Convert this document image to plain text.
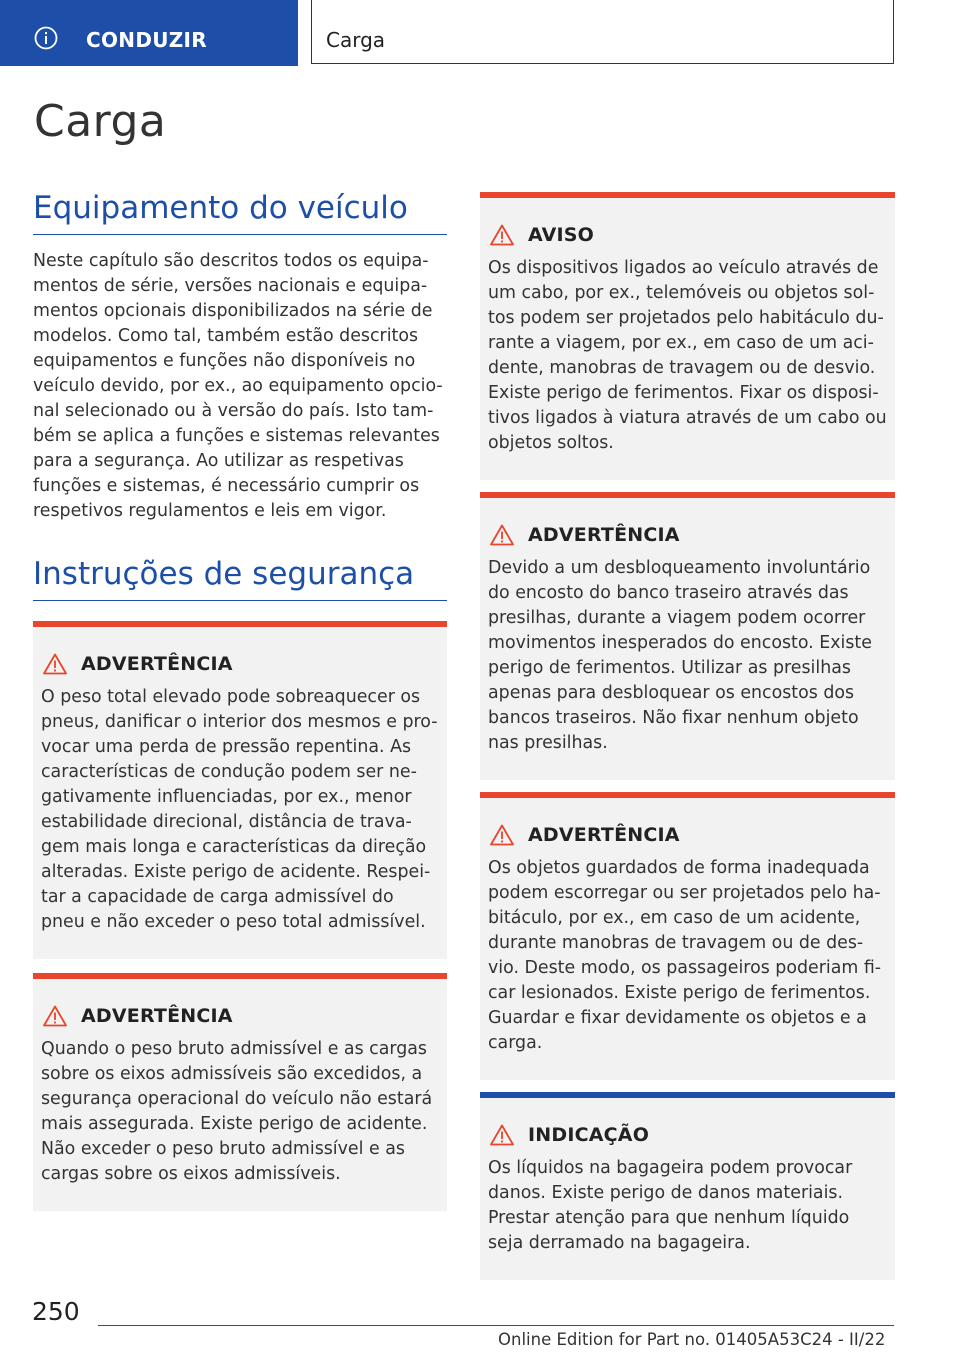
CONDUZIR	Carga
Carga
Equipamento do veículo

Neste capítulo são descritos todos os equipa-mentos de série, versões nacionais e equipa-mentos opcionais disponibilizados na série de modelos. Como tal, também estão descritos equipamentos e funções não disponíveis no veículo devido, por ex., ao equipamento opcio-nal selecionado ou à versão do país. Isto tam-bém se aplica a funções e sistemas relevantes para a segurança. Ao utilizar as respetivas funções e sistemas, é necessário cumprir os respetivos regulamentos e leis em vigor.

Instruções de segurança
ADVERTÊNCIA

O peso total elevado pode sobreaquecer os pneus, danificar o interior dos mesmos e pro-vocar uma perda de pressão repentina. As características de condução podem ser ne-gativamente influenciadas, por ex., menor estabilidade direcional, distância de trava-gem mais longa e características da direção alteradas. Existe perigo de acidente. Respei-tar a capacidade de carga admissível do pneu e não exceder o peso total admissível.

ADVERTÊNCIA

Quando o peso bruto admissível e as cargas sobre os eixos admissíveis são excedidos, a segurança operacional do veículo não estará mais assegurada. Existe perigo de acidente. Não exceder o peso bruto admissível e as cargas sobre os eixos admissíveis.

AVISO

Os dispositivos ligados ao veículo através de um cabo, por ex., telemóveis ou objetos sol-tos podem ser projetados pelo habitáculo du-rante a viagem, por ex., em caso de um aci-dente, manobras de travagem ou de desvio. Existe perigo de ferimentos. Fixar os disposi-tivos ligados à viatura através de um cabo ou objetos soltos.

ADVERTÊNCIA

Devido a um desbloqueamento involuntário do encosto do banco traseiro através das presilhas, durante a viagem podem ocorrer movimentos inesperados do encosto. Existe perigo de ferimentos. Utilizar as presilhas apenas para desbloquear os encostos dos bancos traseiros. Não fixar nenhum objeto nas presilhas.

ADVERTÊNCIA

Os objetos guardados de forma inadequada podem escorregar ou ser projetados pelo ha-bitáculo, por ex., em caso de um acidente, durante manobras de travagem ou de des-vio. Deste modo, os passageiros poderiam fi-car lesionados. Existe perigo de ferimentos. Guardar e fixar devidamente os objetos e a carga.

INDICAÇÃO

Os líquidos na bagageira podem provocar danos. Existe perigo de danos materiais. Prestar atenção para que nenhum líquido seja derramado na bagageira.

250
Online Edition for Part no. 01405A53C24 - II/22
